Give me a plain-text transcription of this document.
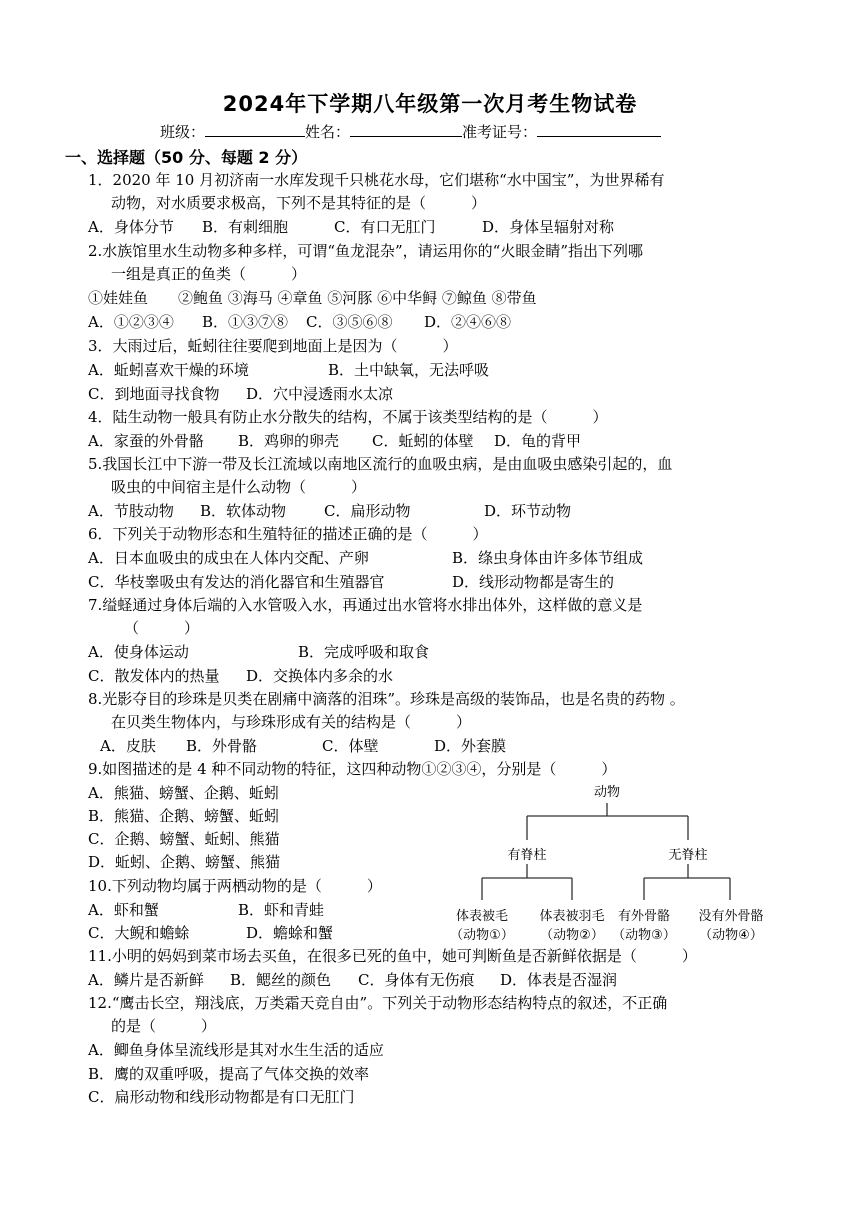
2024年下学期八年级第一次月考生物试卷
班级：	姓名：	准考证号：
一、选择题（50 分、每题 2 分）
1．2020 年 10 月初济南一水库发现千只桃花水母，它们堪称“水中国宝”，为世界稀有
动物，对水质要求极高，下列不是其特征的是（　　　）
A．身体分节 B．有刺细胞	C．有口无肛门	D．身体呈辐射对称
2.水族馆里水生动物多种多样，可谓“鱼龙混杂”，请运用你的“火眼金睛”指出下列哪
一组是真正的鱼类（　　　）
①娃娃鱼　　②鲍鱼 ③海马 ④章鱼 ⑤河豚 ⑥中华鲟 ⑦鲸鱼 ⑧带鱼
A．①②③④ B．①③⑦⑧ C．③⑤⑥⑧ D．②④⑥⑧
3．大雨过后，蚯蚓往往要爬到地面上是因为（　　　）
A．蚯蚓喜欢干燥的环境	B．土中缺氧，无法呼吸
C．到地面寻找食物 D．穴中浸透雨水太凉
4．陆生动物一般具有防止水分散失的结构，不属于该类型结构的是（　　　）
A．家蚕的外骨骼 B．鸡卵的卵壳 C．蚯蚓的体壁 D．龟的背甲
5.我国长江中下游一带及长江流域以南地区流行的血吸虫病，是由血吸虫感染引起的，血
吸虫的中间宿主是什么动物（　　　）
A．节肢动物 B．软体动物	C．扁形动物	D．环节动物
6．下列关于动物形态和生殖特征的描述正确的是（　　　）
A．日本血吸虫的成虫在人体内交配、产卵	B．绦虫身体由许多体节组成
C．华枝睾吸虫有发达的消化器官和生殖器官	D．线形动物都是寄生的
7.缢蛏通过身体后端的入水管吸入水，再通过出水管将水排出体外，这样做的意义是
（　　　）
A．使身体运动	B．完成呼吸和取食
C．散发体内的热量 D．交换体内多余的水
8.光影夺目的珍珠是贝类在剧痛中滴落的泪珠”。珍珠是高级的装饰品，也是名贵的药物 。
在贝类生物体内，与珍珠形成有关的结构是（　　　）
A．皮肤 B．外骨骼	C．体壁	D．外套膜
9.如图描述的是 4 种不同动物的特征，这四种动物①②③④，分别是（　　　）
A．熊猫、螃蟹、企鹅、蚯蚓
B．熊猫、企鹅、螃蟹、蚯蚓
C．企鹅、螃蟹、蚯蚓、熊猫
D．蚯蚓、企鹅、螃蟹、熊猫
10.下列动物均属于两栖动物的是（　　　）
A．虾和蟹	B．虾和青蛙
C．大鲵和蟾蜍	D．蟾蜍和蟹
动物
有脊柱	无脊柱
体表被毛
（动物①）
体表被羽毛
（动物②）
有外骨骼
（动物③）
没有外骨骼
（动物④）
11.小明的妈妈到菜市场去买鱼，在很多已死的鱼中，她可判断鱼是否新鲜依据是（　　　）
A．鳞片是否新鲜 B．鳃丝的颜色 C．身体有无伤痕 D．体表是否湿润
12.“鹰击长空，翔浅底，万类霜天竞自由”。下列关于动物形态结构特点的叙述，不正确
的是（　　　）
A．鲫鱼身体呈流线形是其对水生生活的适应
B．鹰的双重呼吸，提高了气体交换的效率
C．扁形动物和线形动物都是有口无肛门
